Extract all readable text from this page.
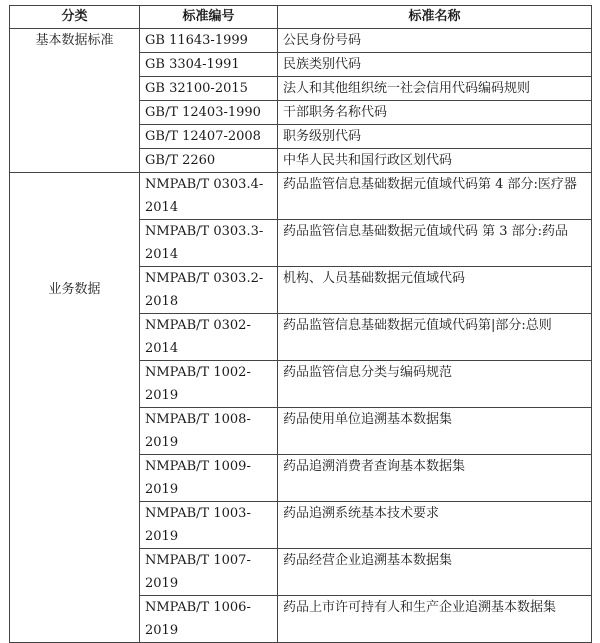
分类	标准编号	标准名称
基本数据标准	GB 11643-1999	公民身份号码
	GB 3304-1991	民族类别代码
	GB 32100-2015	法人和其他组织统一社会信用代码编码规则
	GB/T 12403-1990	干部职务名称代码
	GB/T 12407-2008	职务级别代码
	GB/T 2260	中华人民共和国行政区划代码

业务数据	NMPAB/T 0303.4-2014	药品监管信息基础数据元值域代码第 4 部分:医疗器
	NMPAB/T 0303.3-2014	药品监管信息基础数据元值域代码 第 3 部分:药品
	NMPAB/T 0303.2-2018	机构、人员基础数据元值域代码
	NMPAB/T 0302-2014	药品监管信息基础数据元值域代码第|部分:总则
	NMPAB/T 1002-2019	药品监管信息分类与编码规范
	NMPAB/T 1008-2019	药品使用单位追溯基本数据集
	NMPAB/T 1009-2019	药品追溯消费者查询基本数据集
	NMPAB/T 1003-2019	药品追溯系统基本技术要求
	NMPAB/T 1007-2019	药品经营企业追溯基本数据集
	NMPAB/T 1006-2019	药品上市许可持有人和生产企业追溯基本数据集
